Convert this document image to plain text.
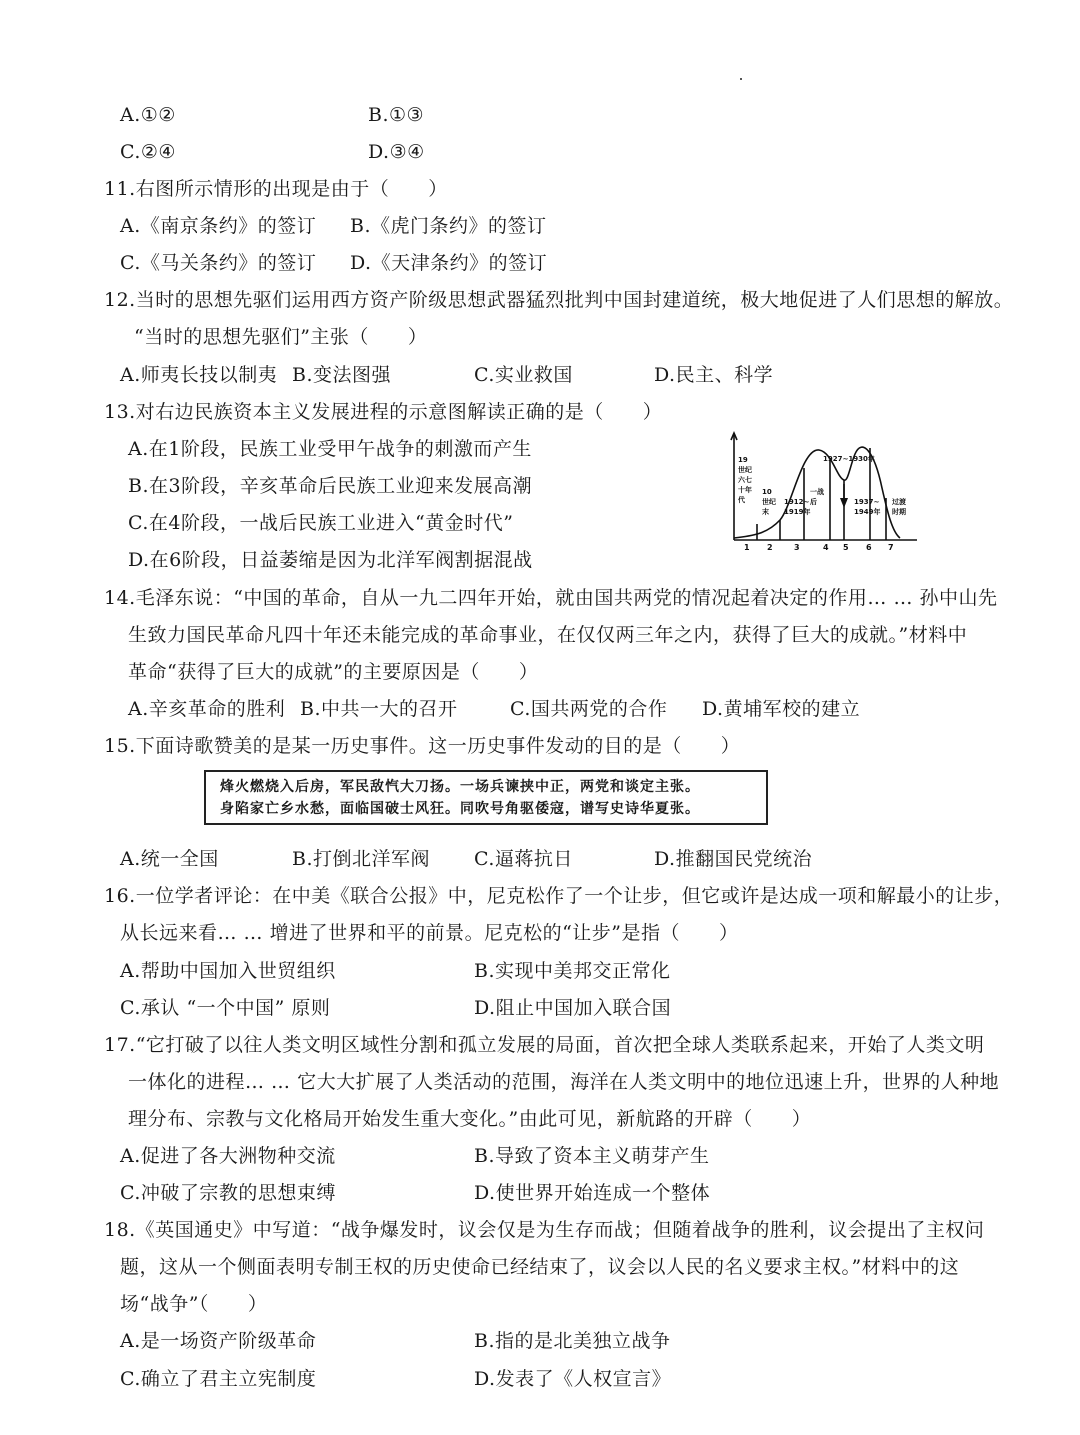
A.①②	B.①③
C.②④	D.③④
11.右图所示情形的出现是由于（　　）
A.《南京条约》的签订 B.《虎门条约》的签订
C.《马关条约》的签订 D.《天津条约》的签订
12.当时的思想先驱们运用西方资产阶级思想武器猛烈批判中国封建道统，极大地促进了人们思想的解放。
“当时的思想先驱们”主张（　　）
A.师夷长技以制夷 B.变法图强	C.实业救国	D.民主、科学
13.对右边民族资本主义发展进程的示意图解读正确的是（　　）
A.在1阶段，民族工业受甲午战争的刺激而产生
B.在3阶段，辛亥革命后民族工业迎来发展高潮
C.在4阶段，一战后民族工业进入“黄金时代”
D.在6阶段，日益萎缩是因为北洋军阀割据混战
19
世纪
六七
十年
代
10
世纪
末
1912~
1919年
一战
后
1927~1930年
1937~
1949年
过渡
时期
1 2	3	4 5 6 7
14.毛泽东说：“中国的革命，自从一九二四年开始，就由国共两党的情况起着决定的作用… … 孙中山先
生致力国民革命凡四十年还未能完成的革命事业，在仅仅两三年之内，获得了巨大的成就。”材料中
革命“获得了巨大的成就”的主要原因是（　　）
A.辛亥革命的胜利 B.中共一大的召开	C.国共两党的合作 D.黄埔军校的建立
15.下面诗歌赞美的是某一历史事件。这一历史事件发动的目的是（　　）
烽火燃烧入后房，军民敌忾大刀扬。一场兵谏挟中正，两党和谈定主张。
身陷家亡乡水愁，面临国破士风狂。同吹号角驱倭寇，谱写史诗华夏张。
A.统一全国	B.打倒北洋军阀 C.逼蒋抗日	D.推翻国民党统治
16.一位学者评论：在中美《联合公报》中，尼克松作了一个让步，但它或许是达成一项和解最小的让步，
从长远来看… … 增进了世界和平的前景。尼克松的“让步”是指（　　）
A.帮助中国加入世贸组织	B.实现中美邦交正常化
C.承认 “一个中国” 原则	D.阻止中国加入联合国
17.“它打破了以往人类文明区域性分割和孤立发展的局面，首次把全球人类联系起来，开始了人类文明
一体化的进程… … 它大大扩展了人类活动的范围，海洋在人类文明中的地位迅速上升，世界的人种地
理分布、宗教与文化格局开始发生重大变化。”由此可见，新航路的开辟（　　）
A.促进了各大洲物种交流	B.导致了资本主义萌芽产生
C.冲破了宗教的思想束缚	D.使世界开始连成一个整体
18.《英国通史》中写道：“战争爆发时，议会仅是为生存而战；但随着战争的胜利，议会提出了主权问
题，这从一个侧面表明专制王权的历史使命已经结束了，议会以人民的名义要求主权。”材料中的这
场“战争”（　　）
A.是一场资产阶级革命	B.指的是北美独立战争
C.确立了君主立宪制度	D.发表了《人权宣言》
